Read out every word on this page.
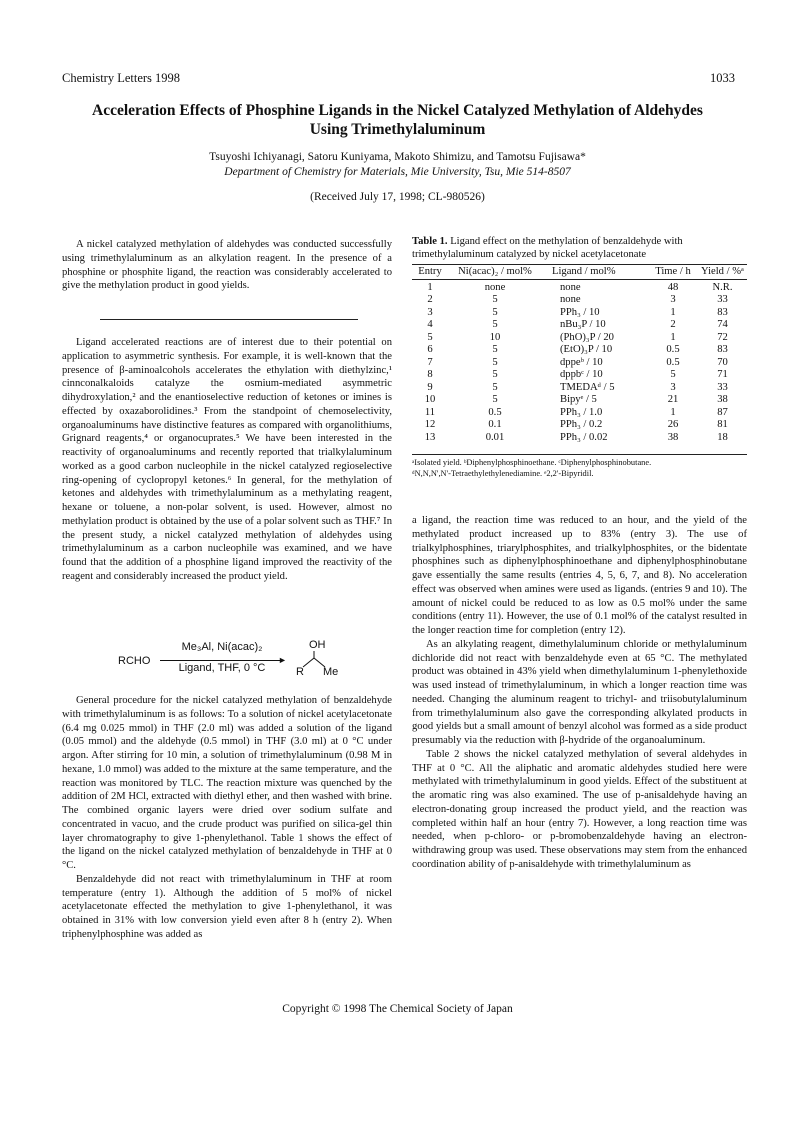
Chemistry Letters 1998	1033
Acceleration Effects of Phosphine Ligands in the Nickel Catalyzed Methylation of Aldehydes
Using Trimethylaluminum
Tsuyoshi Ichiyanagi, Satoru Kuniyama, Makoto Shimizu, and Tamotsu Fujisawa*
Department of Chemistry for Materials, Mie University, Tsu, Mie 514-8507
(Received July 17, 1998; CL-980526)

A nickel catalyzed methylation of aldehydes was conducted successfully using trimethylaluminum as an alkylation reagent. In the presence of a phosphine or phosphite ligand, the reaction was considerably accelerated to give the methylation product in good yields.

Ligand accelerated reactions are of interest due to their potential on application to asymmetric synthesis. For example, it is well-known that the presence of β-aminoalcohols accelerates the ethylation with diethylzinc,¹ cinnconalkaloids catalyze the osmium-mediated asymmetric dihydroxylation,² and the enantioselective reduction of ketones or imines is effected by oxazaborolidines.³ From the standpoint of chemoselectivity, organoaluminums have distinctive features as compared with organolithiums, Grignard reagents,⁴ or organocuprates.⁵ We have been interested in the reactivity of organoaluminums and recently reported that trialkylaluminum worked as a good carbon nucleophile in the nickel catalyzed regioselective ring-opening of cyclopropyl ketones.⁶ In general, for the methylation of ketones and aldehydes with trimethylaluminum as a methylating reagent, hexane or toluene, a non-polar solvent, is used. However, almost no methylation product is obtained by the use of a polar solvent such as THF.⁷ In the present study, a nickel catalyzed methylation of aldehydes using trimethylaluminum as a carbon nucleophile was examined, and we have found that the addition of a phosphine ligand improved the reactivity of the reagent and considerably increased the product yield.

RCHO
Me₃Al, Ni(acac)₂
►
Ligand, THF, 0 °C
OH
R Me

General procedure for the nickel catalyzed methylation of benzaldehyde with trimethylaluminum is as follows: To a solution of nickel acetylacetonate (6.4 mg 0.025 mmol) in THF (2.0 ml) was added a solution of the ligand (0.05 mmol) and the aldehyde (0.5 mmol) in THF (3.0 ml) at 0 °C under argon. After stirring for 10 min, a solution of trimethylaluminum (0.98 M in hexane, 1.0 mmol) was added to the mixture at the same temperature, and the reaction was monitored by TLC. The reaction mixture was quenched by the addition of 2M HCl, extracted with diethyl ether, and then washed with brine. The combined organic layers were dried over sodium sulfate and concentrated in vacuo, and the crude product was purified on silica-gel thin layer chromatography to give 1-phenylethanol. Table 1 shows the effect of the ligand on the nickel catalyzed methylation of benzaldehyde in THF at 0 °C.

Benzaldehyde did not react with trimethylaluminum in THF at room temperature (entry 1). Although the addition of 5 mol% of nickel acetylacetonate effected the methylation to give 1-phenylethanol, it was obtained in 31% with low conversion yield even after 8 h (entry 2). When triphenylphosphine was added as

Table 1. Ligand effect on the methylation of benzaldehyde with trimethylaluminum catalyzed by nickel acetylacetonate
Entry	Ni(acac)₂ / mol%	Ligand / mol%	Time / h	Yield / %ᵃ

1	none	none	48	N.R.
2	5	none	3	33
3	5	PPh₃ / 10	1	83
4	5	nBu₃P / 10	2	74
5	10	(PhO)₃P / 20	1	72
6	5	(EtO)₃P / 10	0.5	83
7	5	dppeᵇ / 10	0.5	70
8	5	dppbᶜ / 10	5	71
9	5	TMEDAᵈ / 5	3	33
10	5	Bipyᵉ / 5	21	38
11	0.5	PPh₃ / 1.0	1	87
12	0.1	PPh₃ / 0.2	26	81
13	0.01	PPh₃ / 0.02	38	18
ᵃIsolated yield. ᵇDiphenylphosphinoethane. ᶜDiphenylphosphinobutane.
ᵈN,N,N',N'-Tetraethylethylenediamine. ᵉ2,2'-Bipyridil.

a ligand, the reaction time was reduced to an hour, and the yield of the methylated product increased up to 83% (entry 3). The use of trialkylphosphines, triarylphosphites, and trialkylphosphites, or the bidentate phosphines such as diphenylphosphinoethane and diphenylphosphinobutane gave essentially the same results (entries 4, 5, 6, 7, and 8). No acceleration effect was observed when amines were used as ligands. (entries 9 and 10). The amount of nickel could be reduced to as low as 0.5 mol% under the same conditions (entry 11). However, the use of 0.1 mol% of the catalyst resulted in the longer reaction time for completion (entry 12).

As an alkylating reagent, dimethylaluminum chloride or methylaluminum dichloride did not react with benzaldehyde even at 65 °C. The methylated product was obtained in 43% yield when dimethylaluminum 1-phenylethoxide was used instead of trimethylaluminum, in which a longer reaction time was needed. Changing the aluminum reagent to trichyl- and triisobutylaluminum from trimethylaluminum also gave the corresponding alkylated products in good yields but a small amount of benzyl alcohol was formed as a side product presumably via the reduction with β-hydride of the organoaluminum.

Table 2 shows the nickel catalyzed methylation of several aldehydes in THF at 0 °C. All the aliphatic and aromatic aldehydes studied here were methylated with trimethylaluminum in good yields. Effect of the substituent at the aromatic ring was also examined. The use of p-anisaldehyde having an electron-donating group increased the product yield, and the reaction was completed within half an hour (entry 7). However, a long reaction time was needed, when p-chloro- or p-bromobenzaldehyde having an electron-withdrawing group was used. These observations may stem from the enhanced coordination ability of p-anisaldehyde with trimethylaluminum as

Copyright © 1998 The Chemical Society of Japan
